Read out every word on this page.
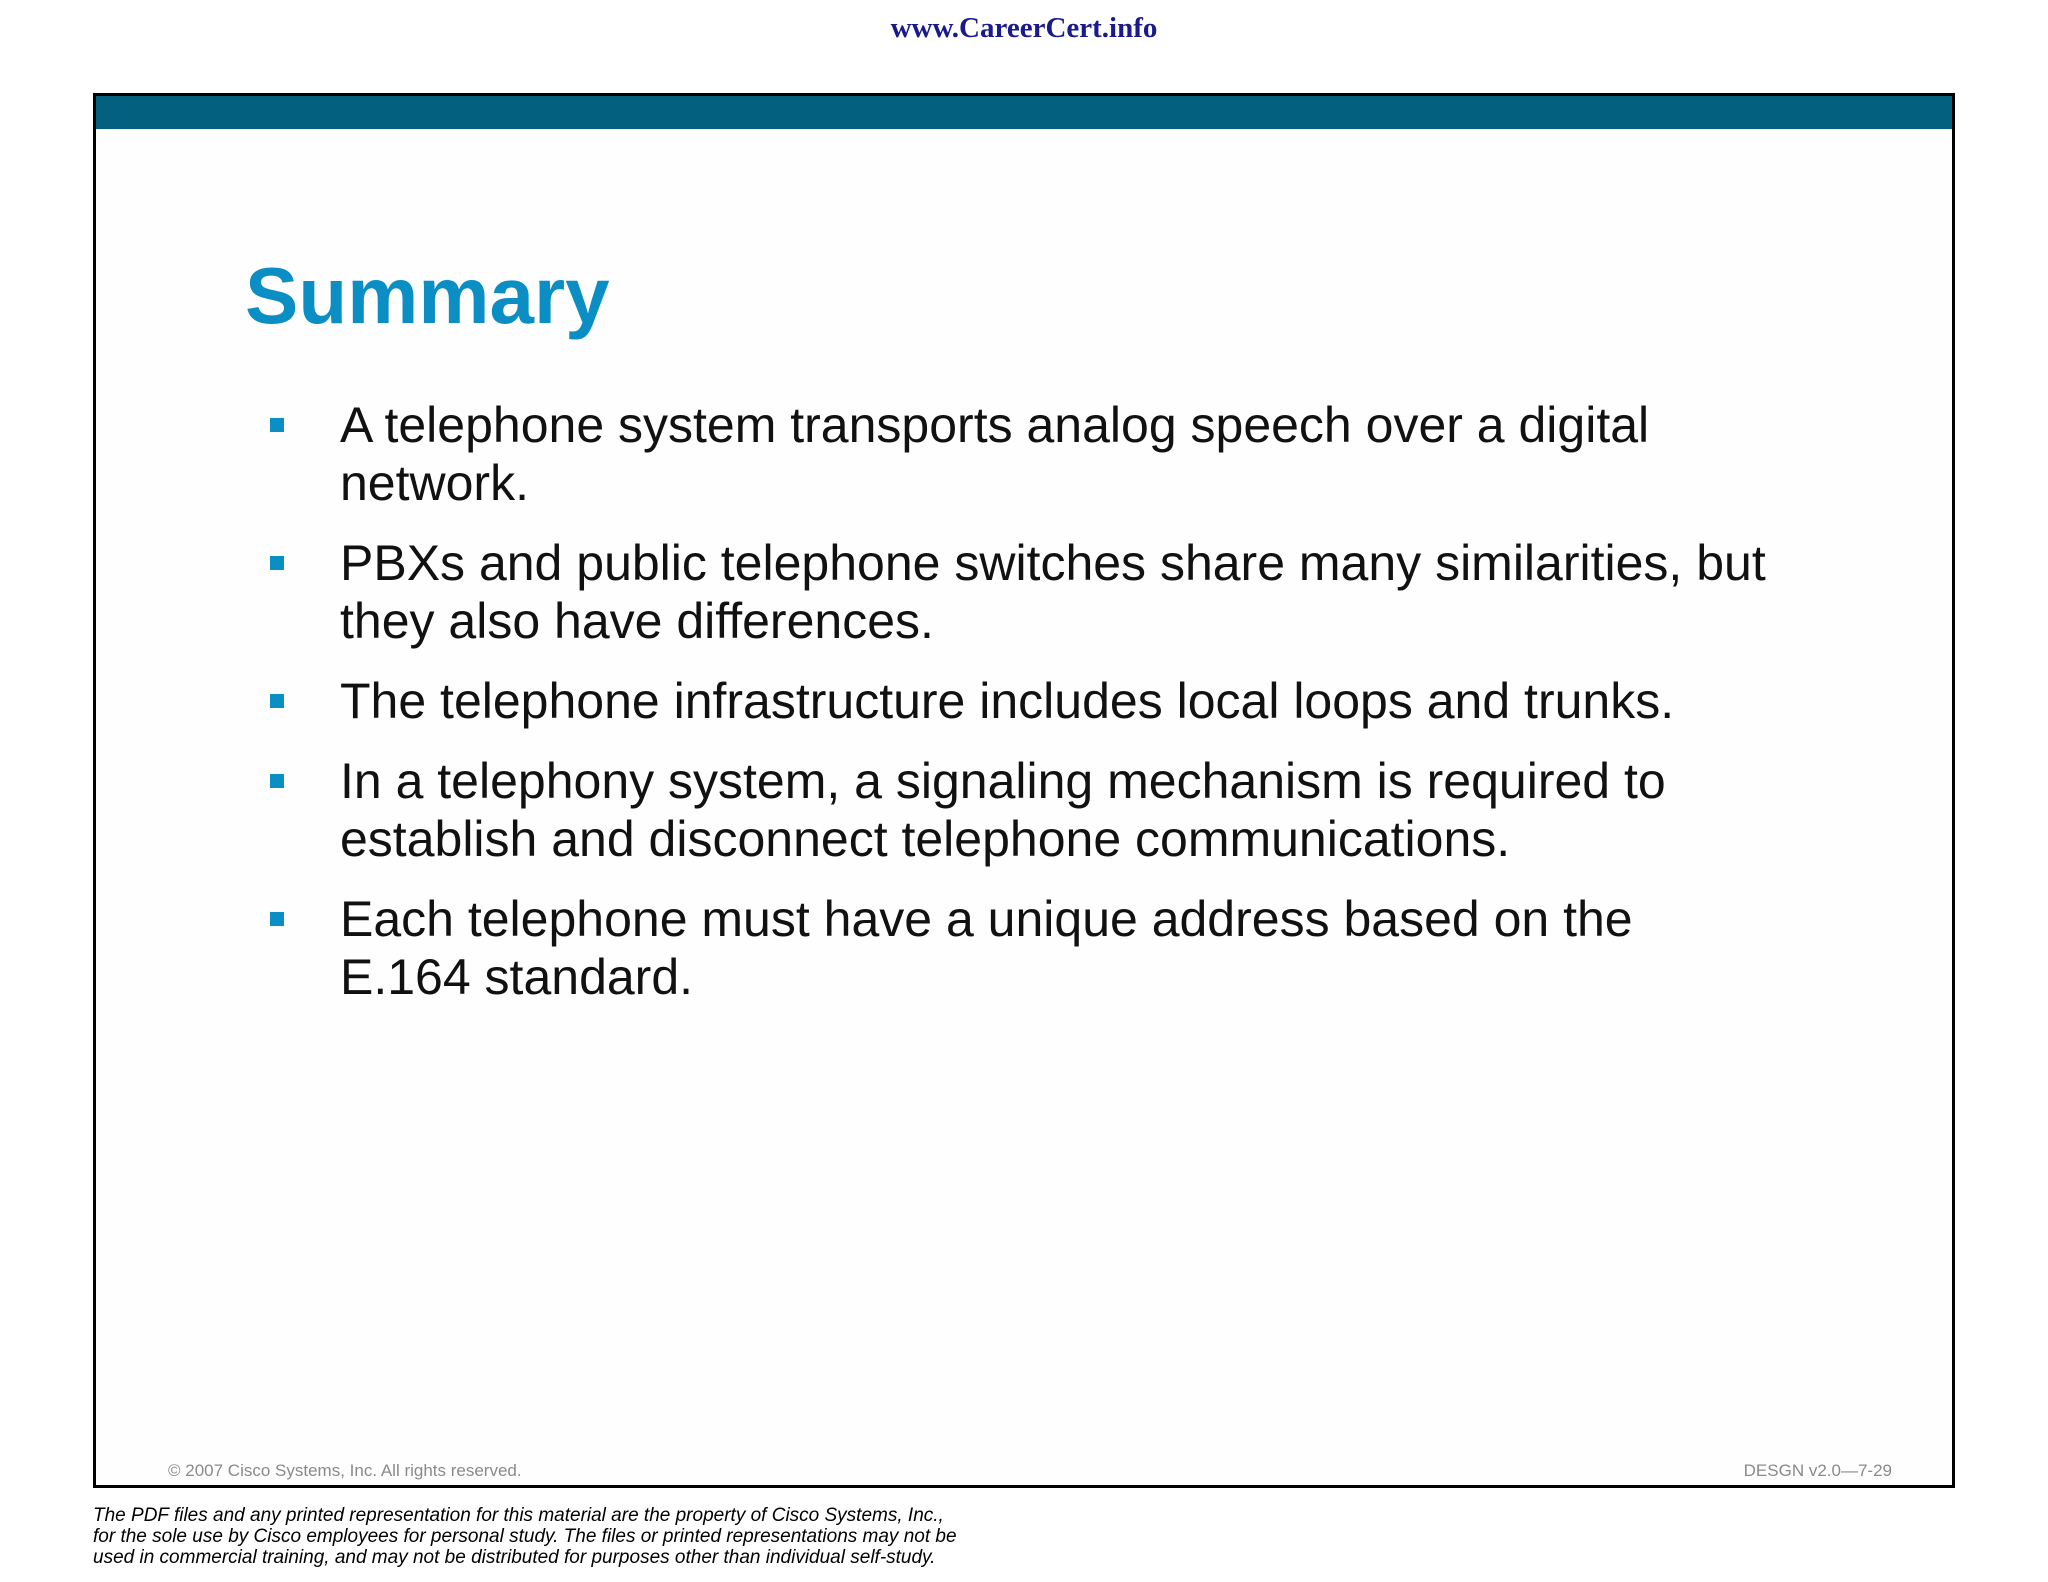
www.CareerCert.info
Summary
A telephone system transports analog speech over a digital network.
PBXs and public telephone switches share many similarities, but they also have differences.
The telephone infrastructure includes local loops and trunks.
In a telephony system, a signaling mechanism is required to establish and disconnect telephone communications.
Each telephone must have a unique address based on the E.164 standard.
© 2007 Cisco Systems, Inc. All rights reserved.	DESGN v2.0—7-29
The PDF files and any printed representation for this material are the property of Cisco Systems, Inc.,
for the sole use by Cisco employees for personal study. The files or printed representations may not be
used in commercial training, and may not be distributed for purposes other than individual self-study.
